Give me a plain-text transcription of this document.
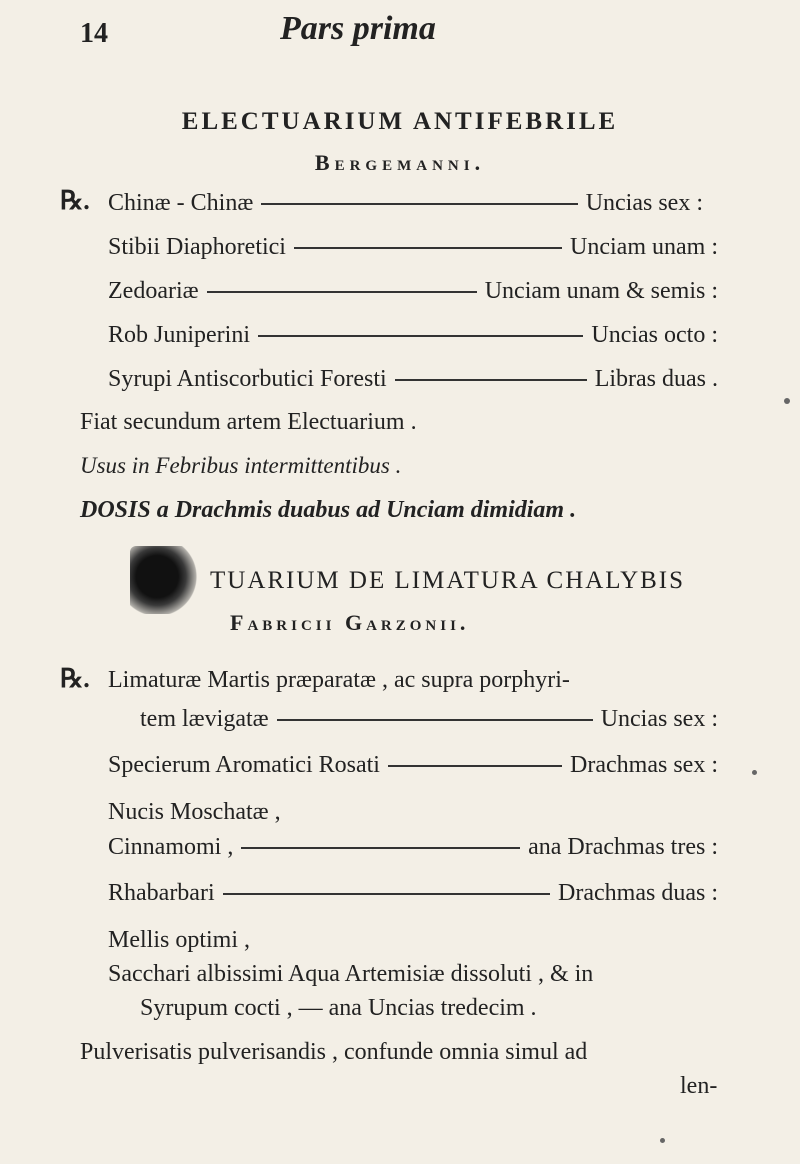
14	Pars prima
ELECTUARIUM ANTIFEBRILE
Bergemanni.
℞. Chinæ - Chinæ	Uncias sex :
Stibii Diaphoretici	Unciam unam :
Zedoariæ	Unciam unam & semis :
Rob Juniperini	Uncias octo :
Syrupi Antiscorbutici Foresti	Libras duas .
Fiat secundum artem Electuarium .
Usus in Febribus intermittentibus .
DOSIS a Drachmis duabus ad Unciam dimidiam .
TUARIUM DE LIMATURA CHALYBIS
Fabricii Garzonii.
℞. Limaturæ Martis præparatæ , ac supra porphyri-
tem lævigatæ	Uncias sex :
Specierum Aromatici Rosati	Drachmas sex :
Nucis Moschatæ ,
Cinnamomi ,	ana Drachmas tres :
Rhabarbari	Drachmas duas :
Mellis optimi ,
Sacchari albissimi Aqua Artemisiæ dissoluti , & in
Syrupum cocti , — ana Uncias tredecim .
Pulverisatis pulverisandis , confunde omnia simul ad
len-
